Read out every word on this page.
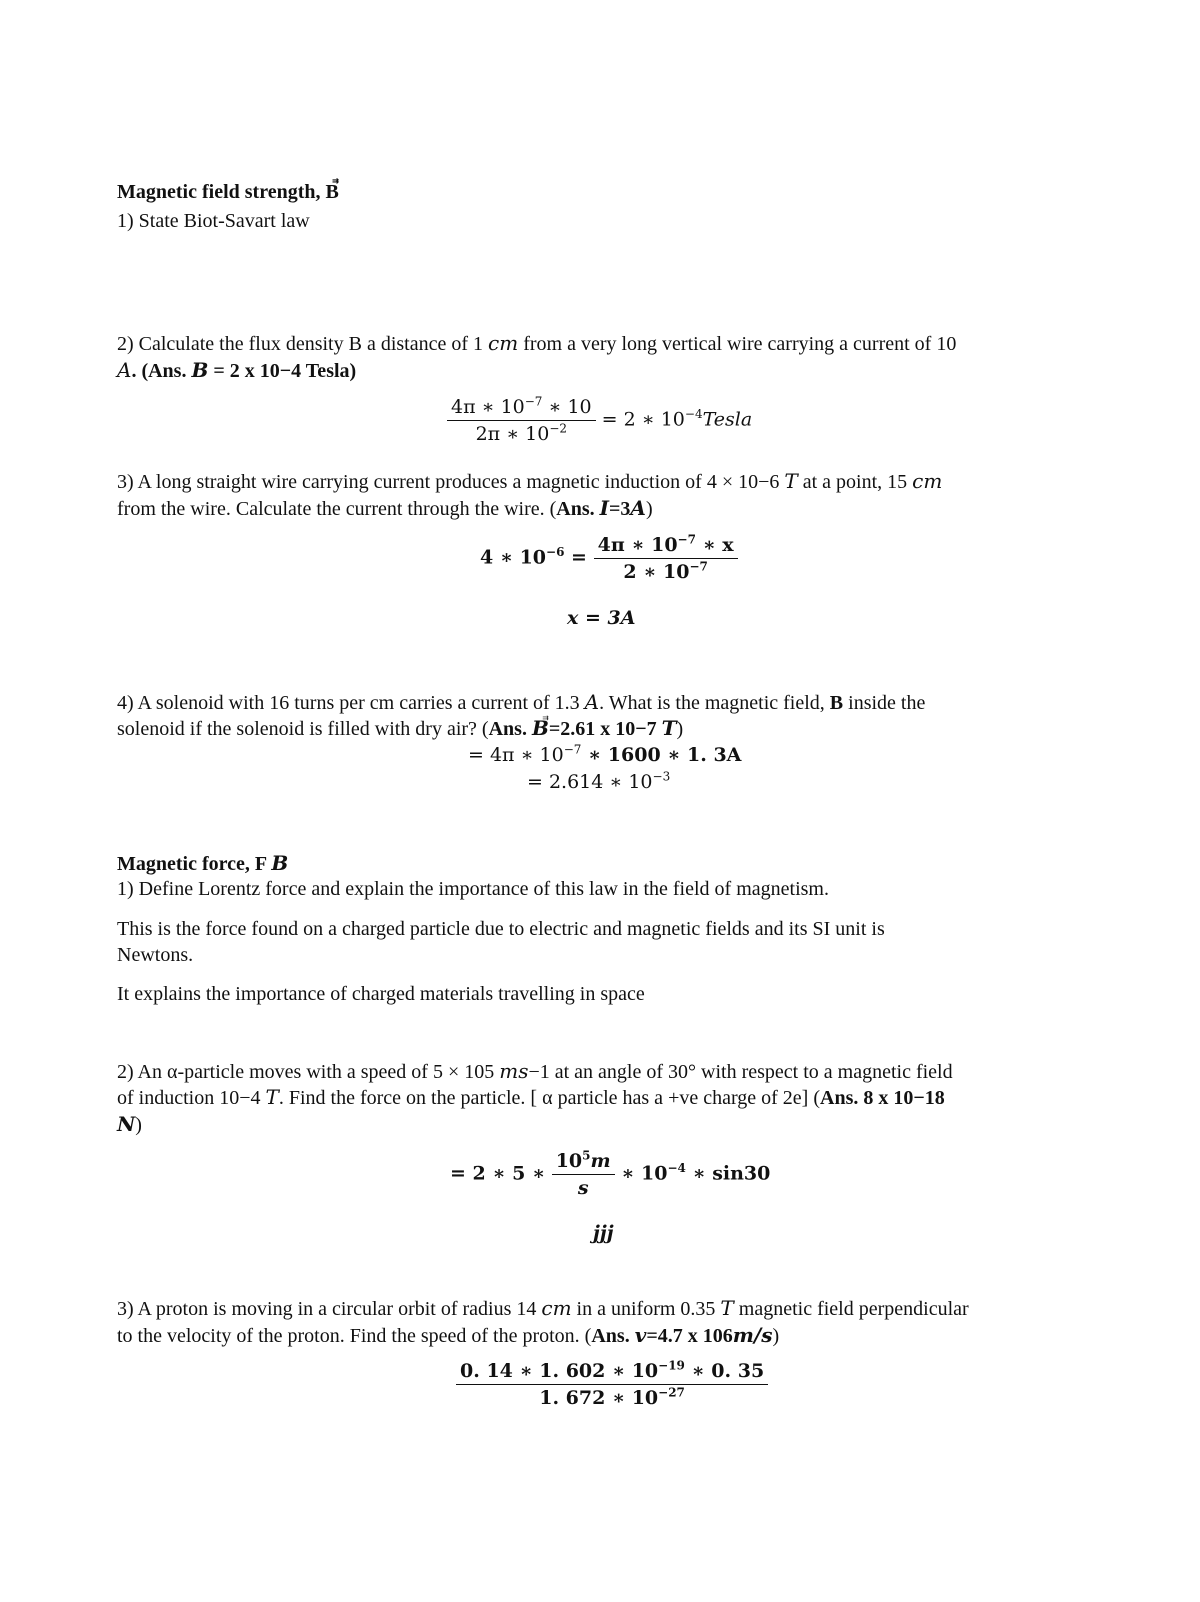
Magnetic field strength, B
1) State Biot-Savart law
2) Calculate the flux density B a distance of 1 cm from a very long vertical wire carrying a current of 10
A. (Ans. B = 2 x 10−4 Tesla)
$\frac{4\pi ∗ 10^{-7} ∗ 10}{2\pi ∗ 10^{-2}} = 2$ ∗ $10^{-4}Tesla$
3) A long straight wire carrying current produces a magnetic induction of 4 × 10−6 T at a point, 15 cm
from the wire. Calculate the current through the wire. (Ans. I=3A)
4 ∗ $10^{-6} = \frac{4\pi ∗ 10^{-7} ∗ x}{2 ∗ 10^{-7}}$
x = 3A
4) A solenoid with 16 turns per cm carries a current of 1.3 A. What is the magnetic field, B inside the
solenoid if the solenoid is filled with dry air? (Ans. B=2.61 x 10−7 T)
= 4π ∗ $10^{-7}$ ∗ 1600 ∗ 1. 3A
= 2.614 ∗ $10^{-3}$
Magnetic force, F B
1) Define Lorentz force and explain the importance of this law in the field of magnetism.
This is the force found on a charged particle due to electric and magnetic fields and its SI unit is
Newtons.
It explains the importance of charged materials travelling in space
2) An α-particle moves with a speed of 5 × 105 ms−1 at an angle of 30° with respect to a magnetic field
of induction 10−4 T. Find the force on the particle. [ α particle has a +ve charge of 2e] (Ans. 8 x 10−18
N)
= 2 ∗ 5 ∗ $\frac{10^5m}{s}$ ∗ $10^{-4}$ ∗ sin30
jjj
3) A proton is moving in a circular orbit of radius 14 cm in a uniform 0.35 T magnetic field perpendicular
to the velocity of the proton. Find the speed of the proton. (Ans. v=4.7 x 106m/s)
$\frac{0. 14 ∗ 1. 602 ∗ 10^{-19} ∗ 0. 35}{1. 672 ∗ 10^{-27}}$
